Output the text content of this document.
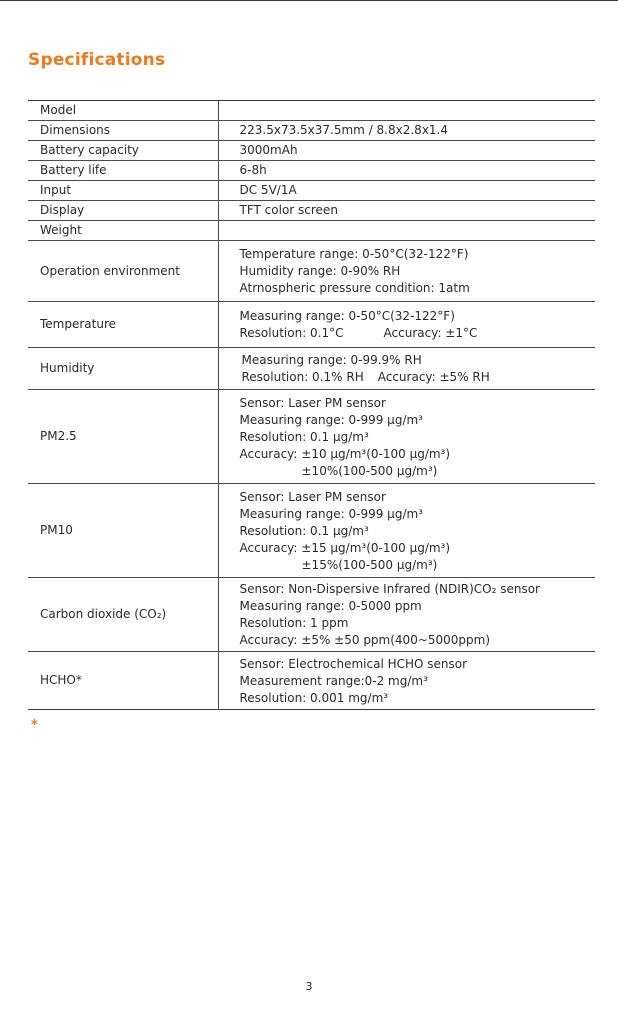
Specifications
Model	
Dimensions	223.5x73.5x37.5mm / 8.8x2.8x1.4
Battery capacity	3000mAh
Battery life	6-8h
Input	DC 5V/1A
Display	TFT color screen
Weight	
Operation environment	Temperature range: 0-50°C(32-122°F)
Humidity range: 0-90% RH
Atrnospheric pressure condition: 1atm

Temperature	Measuring range: 0-50°C(32-122°F)
Resolution: 0.1°C Accuracy: ±1°C

Humidity	Measuring range: 0-99.9% RH
Resolution: 0.1% RH Accuracy: ±5% RH

PM2.5	Sensor: Laser PM sensor
Measuring range: 0-999 μg/m³
Resolution: 0.1 μg/m³
Accuracy: ±10 μg/m³(0-100 μg/m³)
±10%(100-500 μg/m³)

PM10	Sensor: Laser PM sensor
Measuring range: 0-999 μg/m³
Resolution: 0.1 μg/m³
Accuracy: ±15 μg/m³(0-100 μg/m³)
±15%(100-500 μg/m³)

Carbon dioxide (CO₂)	Sensor: Non-Dispersive Infrared (NDIR)CO₂ sensor
Measuring range: 0-5000 ppm
Resolution: 1 ppm
Accuracy: ±5% ±50 ppm(400~5000ppm)

HCHO*	Sensor: Electrochemical HCHO sensor
Measurement range:0-2 mg/m³
Resolution: 0.001 mg/m³
*
3
